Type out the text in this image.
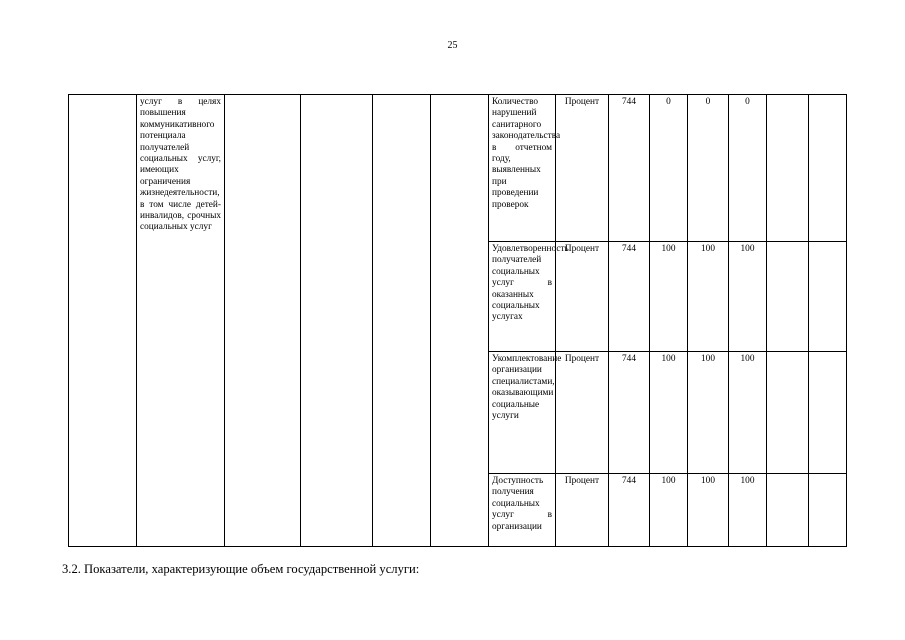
25
	услуг в целях повышения коммуникативного потенциала получателей социальных услуг, имеющих ограничения жизнедеятельности, в том числе детей-инвалидов, срочных социальных услуг					Количество нарушений санитарного законодательства в отчетном году, выявленных при проведении проверок	Процент	744	0	0	0		
						Удовлетворенность получателей социальных услуг в оказанных социальных услугах	Процент	744	100	100	100		
						Укомплектование организации специалистами, оказывающими социальные услуги	Процент	744	100	100	100		
						Доступность получения социальных услуг в организации	Процент	744	100	100	100		
3.2. Показатели, характеризующие объем государственной услуги:
